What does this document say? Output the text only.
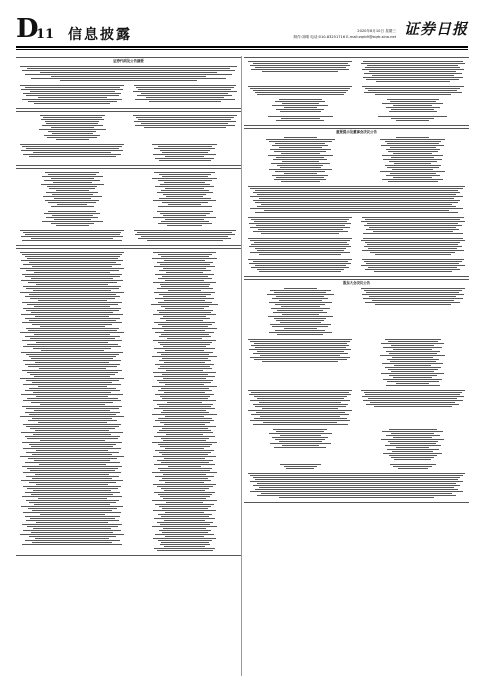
D
11 信息披露	2020年6月10日 星期三
制作:刘晴 电话:010-83251716 E-mail:zqrb9@zqrb.sina.net 证券日报
证券代码及公告摘要
重要提示及董事会决议公告
股东大会决议公告
